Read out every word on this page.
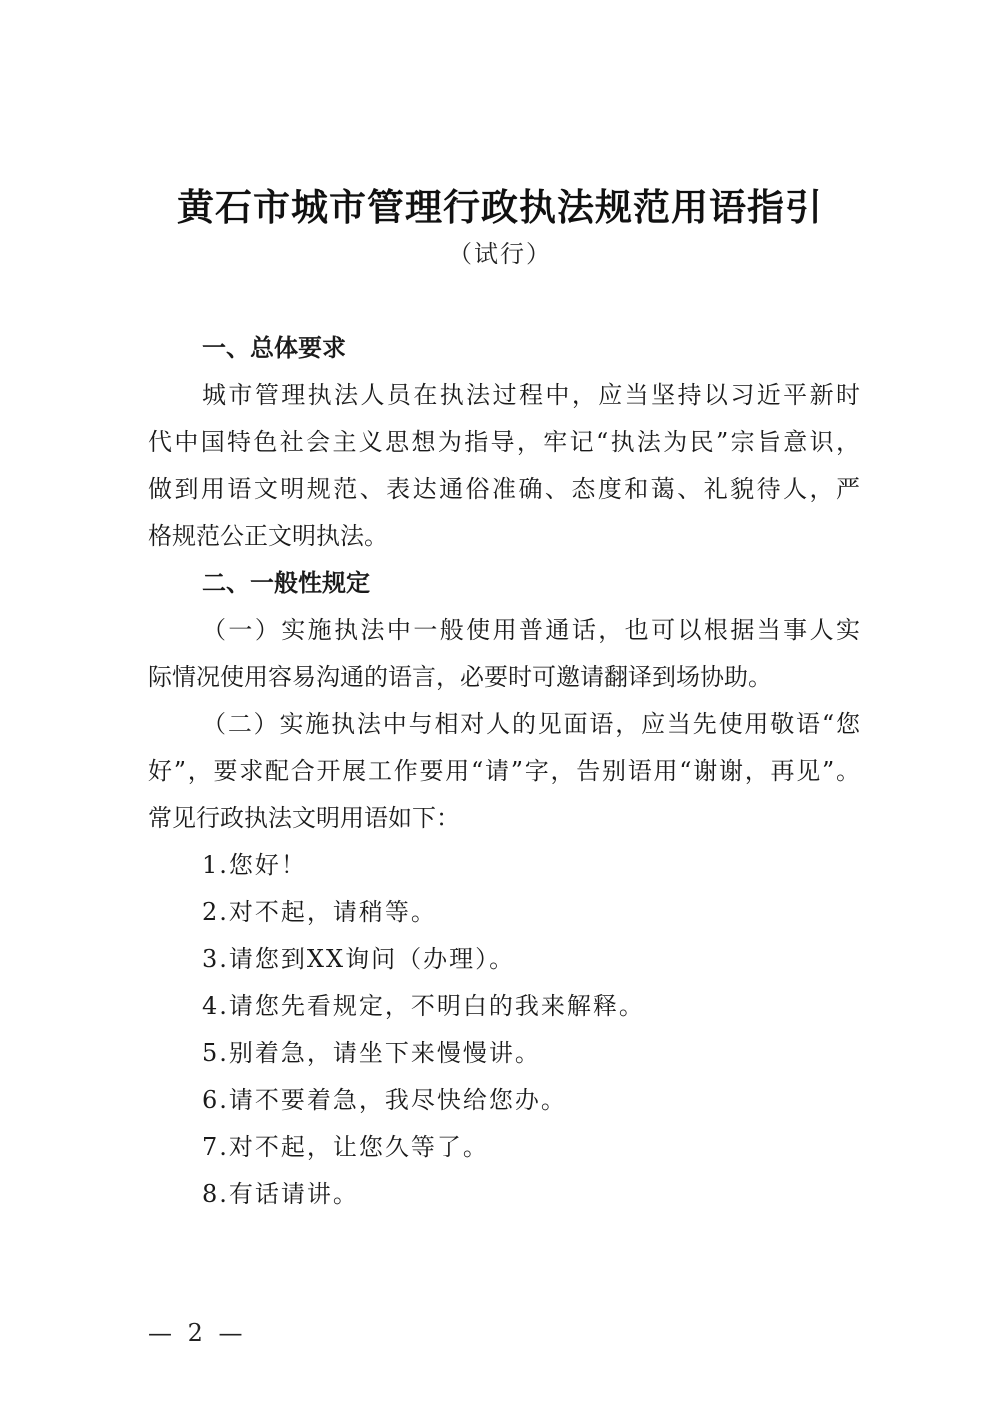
黄石市城市管理行政执法规范用语指引
（试行）
一、总体要求
城市管理执法人员在执法过程中，应当坚持以习近平新时
代中国特色社会主义思想为指导，牢记“执法为民”宗旨意识，
做到用语文明规范、表达通俗准确、态度和蔼、礼貌待人，严
格规范公正文明执法。
二、一般性规定
（一）实施执法中一般使用普通话，也可以根据当事人实
际情况使用容易沟通的语言，必要时可邀请翻译到场协助。
（二）实施执法中与相对人的见面语，应当先使用敬语“您
好”，要求配合开展工作要用“请”字，告别语用“谢谢，再见”。
常见行政执法文明用语如下：
1.您好！
2.对不起，请稍等。
3.请您到XX询问（办理）。
4.请您先看规定，不明白的我来解释。
5.别着急，请坐下来慢慢讲。
6.请不要着急，我尽快给您办。
7.对不起，让您久等了。
8.有话请讲。
— 2 —
